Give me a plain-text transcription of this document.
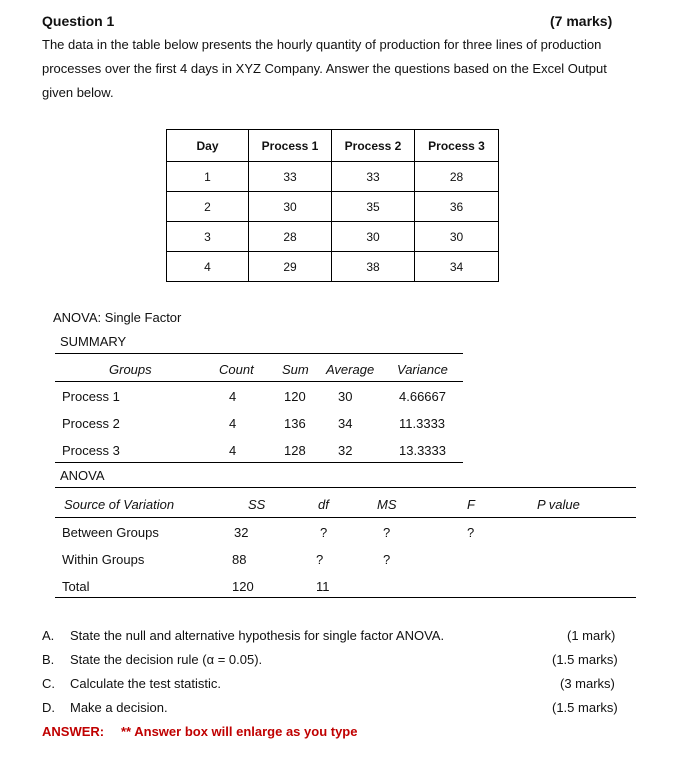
Question 1	(7 marks)
The data in the table below presents the hourly quantity of production for three lines of production
processes over the first 4 days in XYZ Company. Answer the questions based on the Excel Output
given below.
Day	Process 1	Process 2	Process 3
1	33	33	28
2	30	35	36
3	28	30	30
4	29	38	34
ANOVA: Single Factor
SUMMARY
Groups	Count Sum Average Variance
Process 1	4	120 30	4.66667
Process 2	4	136 34	11.3333
Process 3	4	128 32	13.3333
ANOVA
Source of Variation	SS	df	MS	F	P value
Between Groups	32	?	?	?
Within Groups	88	?	?
Total	120	11
A. State the null and alternative hypothesis for single factor ANOVA.	(1 mark)
B. State the decision rule (α = 0.05).	(1.5 marks)
C. Calculate the test statistic.	(3 marks)
D. Make a decision.	(1.5 marks)
ANSWER: ** Answer box will enlarge as you type
